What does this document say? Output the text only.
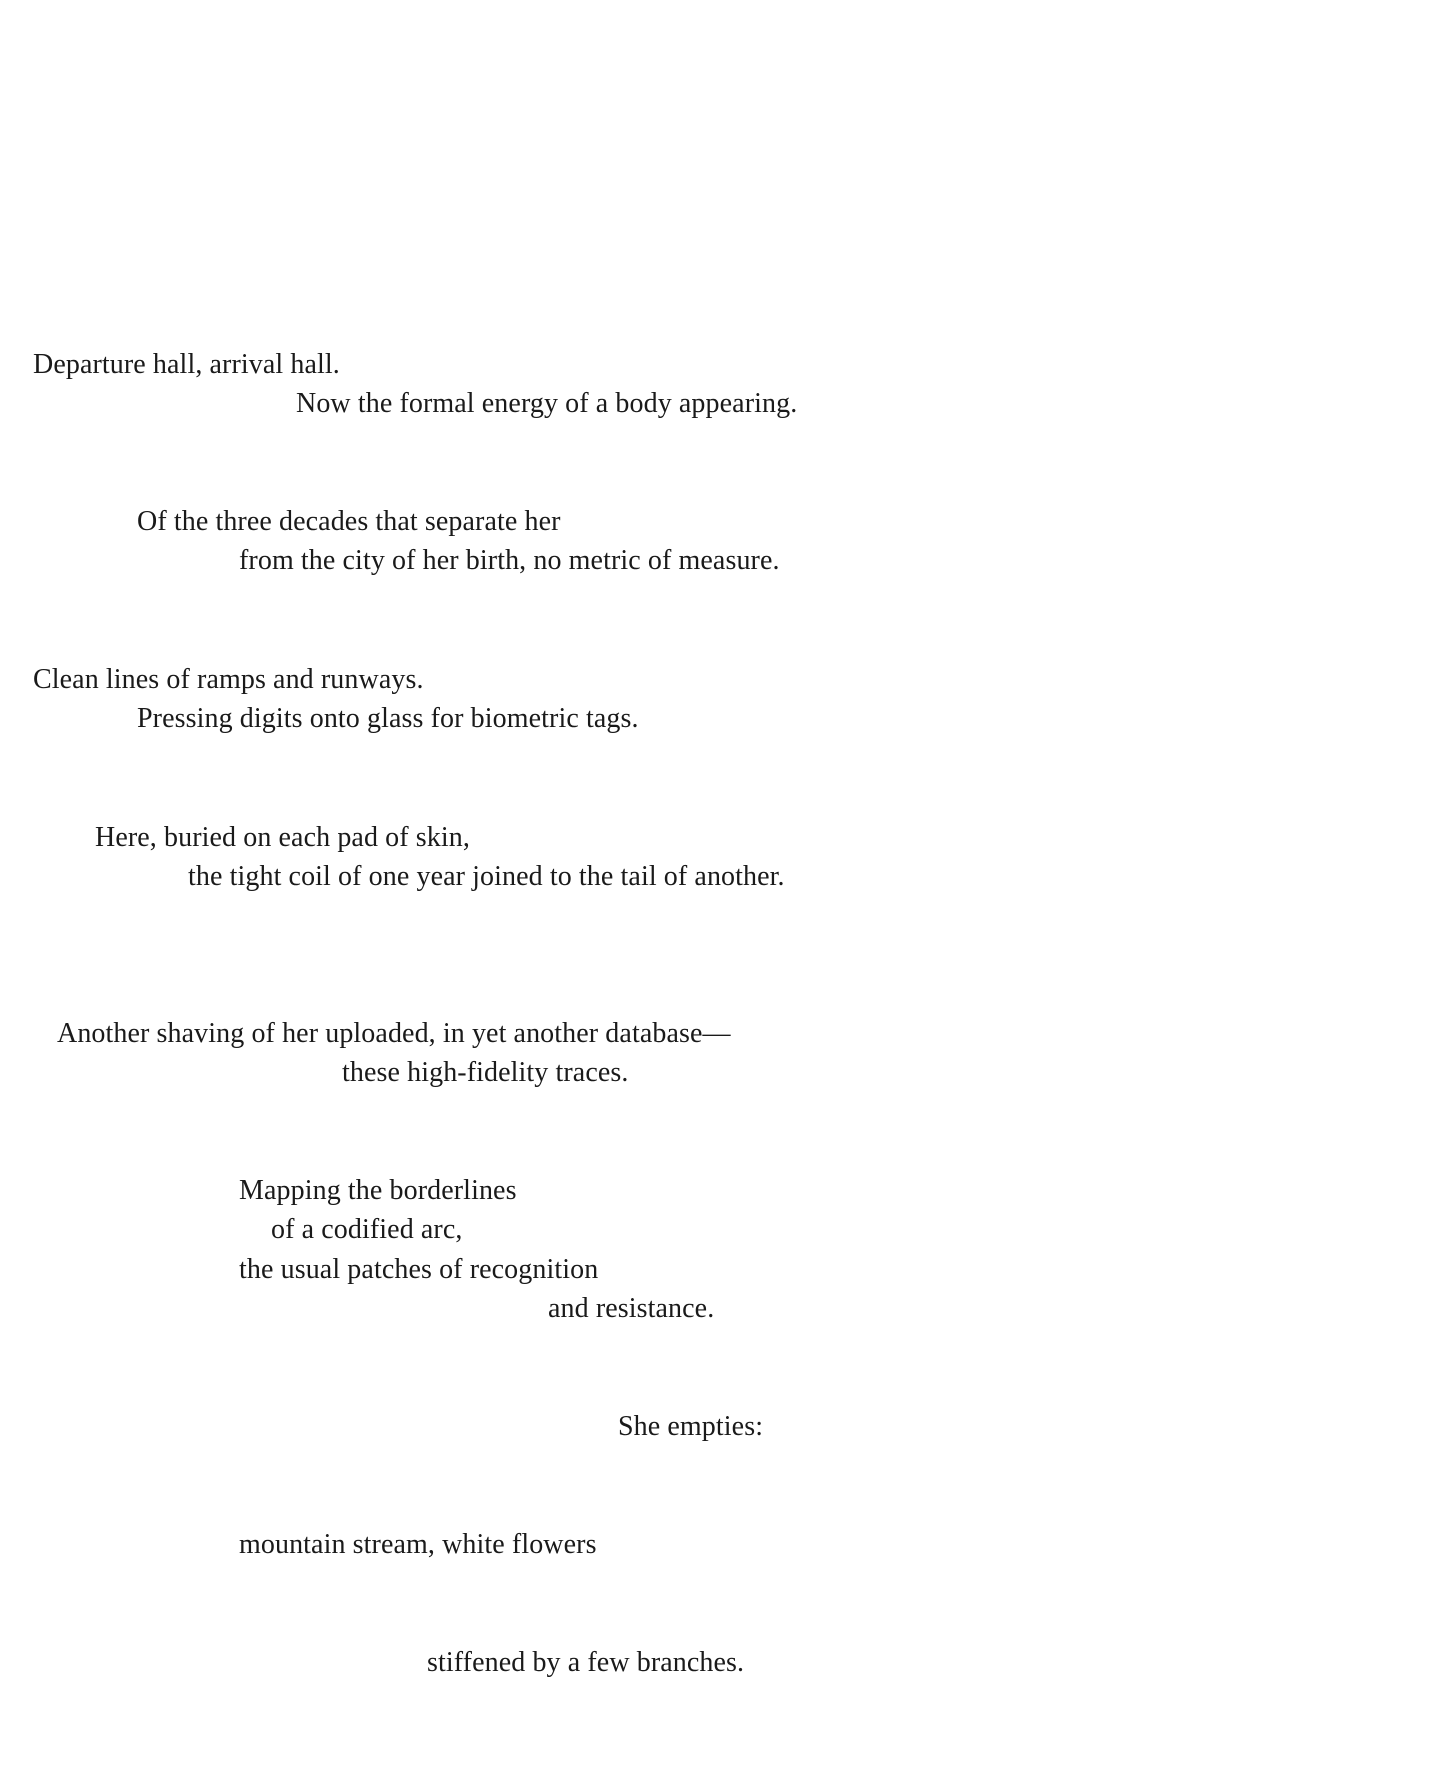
Departure hall, arrival hall.

Now the formal energy of a body appearing.

Of the three decades that separate her

from the city of her birth, no metric of measure.

Clean lines of ramps and runways.

Pressing digits onto glass for biometric tags.

Here, buried on each pad of skin,

the tight coil of one year joined to the tail of another.

Another shaving of her uploaded, in yet another database—

these high-fidelity traces.

Mapping the borderlines

of a codified arc,

the usual patches of recognition

and resistance.

She empties:

mountain stream, white flowers

stiffened by a few branches.
